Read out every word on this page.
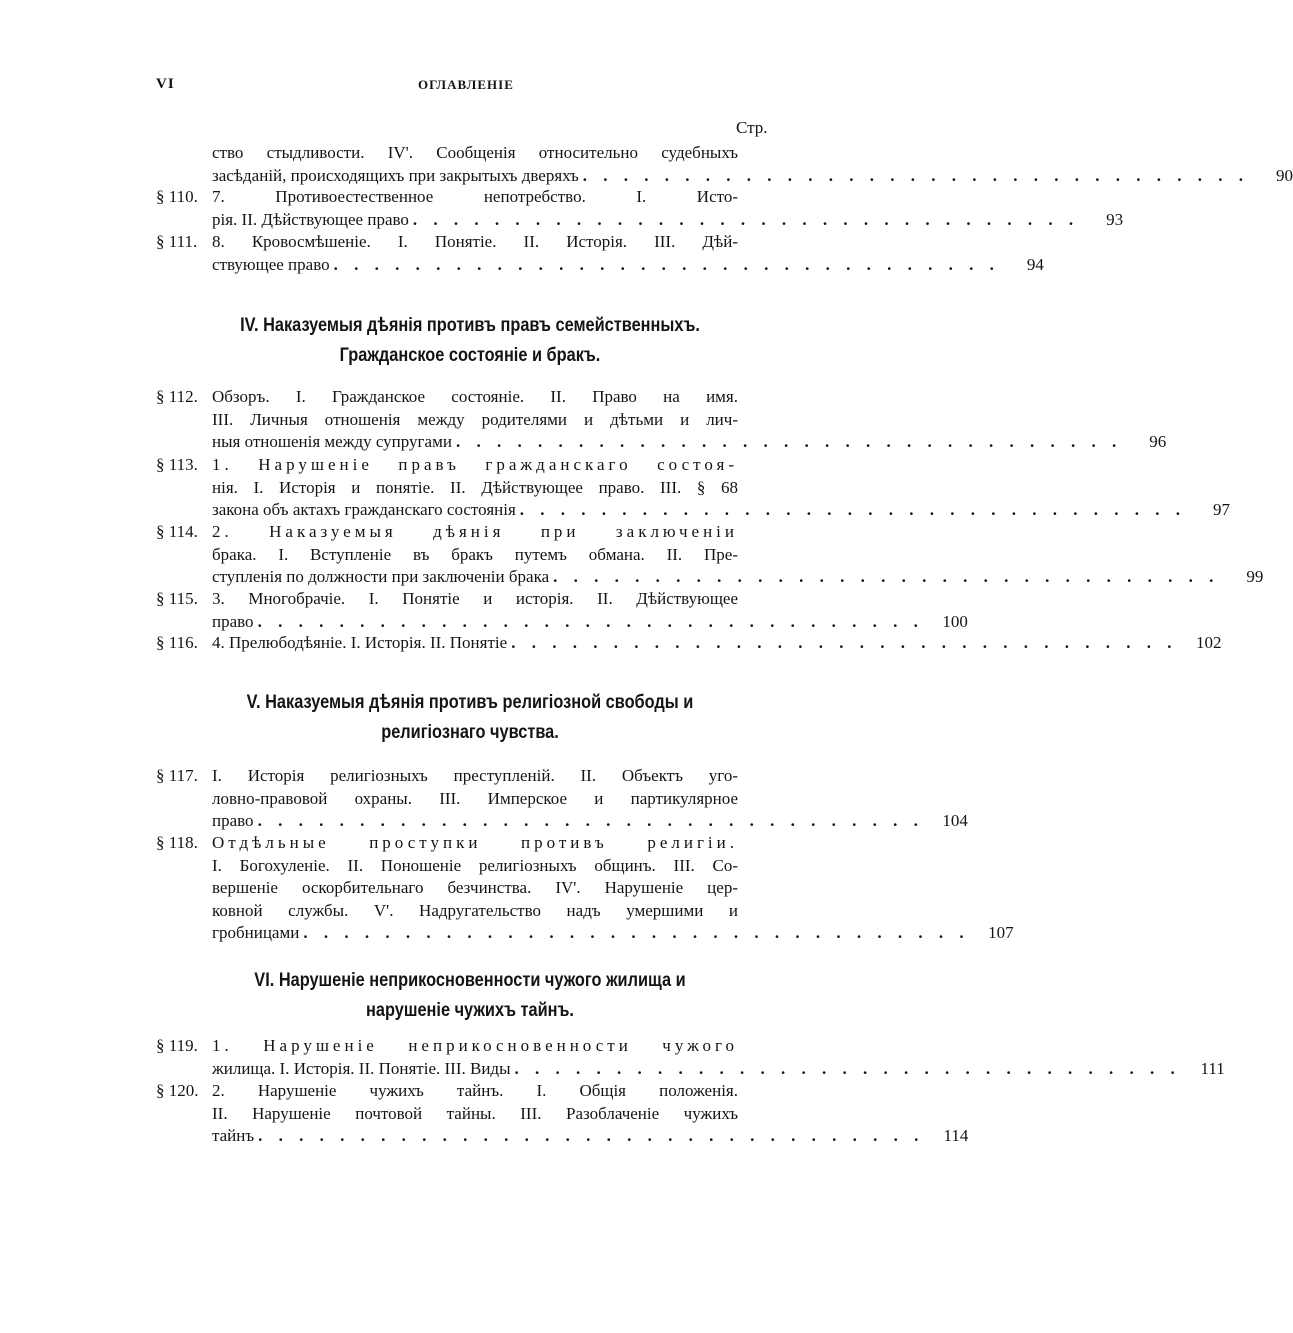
VI	ОГЛАВЛЕНІЕ
Стр.
ство стыдливости. IV'. Сообщенія относительно судебныхъ
засѣданій, происходящихъ при закрытыхъ дверяхъ . . . . . . . . . . . . . . . . . . . . . . . . . . . . . . . . .	90
§ 110. 7. Противоестественное непотребство. I. Исто-
рія. II. Дѣйствующее право . . . . . . . . . . . . . . . . . . . . . . . . . . . . . . . . .	93
§ 111. 8. Кровосмѣшеніе. I. Понятіе. II. Исторія. III. Дѣй-
ствующее право . . . . . . . . . . . . . . . . . . . . . . . . . . . . . . . . .	94
IV. Наказуемыя дѣянія противъ правъ семейственныхъ.
Гражданское состояніе и бракъ.
§ 112. Обзоръ. I. Гражданское состояніе. II. Право на имя.
III. Личныя отношенія между родителями и дѣтьми и лич-
ныя отношенія между супругами . . . . . . . . . . . . . . . . . . . . . . . . . . . . . . . . .	96
§ 113. 1. Нарушеніе правъ гражданскаго состоя-
нія. I. Исторія и понятіе. II. Дѣйствующее право. III. § 68
закона объ актахъ гражданскаго состоянія . . . . . . . . . . . . . . . . . . . . . . . . . . . . . . . . .	97
§ 114. 2. Наказуемыя дѣянія при заключеніи
брака. I. Вступленіе въ бракъ путемъ обмана. II. Пре-
ступленія по должности при заключеніи брака . . . . . . . . . . . . . . . . . . . . . . . . . . . . . . . . .	99
§ 115. 3. Многобрачіе. I. Понятіе и исторія. II. Дѣйствующее
право . . . . . . . . . . . . . . . . . . . . . . . . . . . . . . . . .	100
§ 116. 4. Прелюбодѣяніе. I. Исторія. II. Понятіе . . . . . . . . . . . . . . . . . . . . . . . . . . . . . . . . .	102
V. Наказуемыя дѣянія противъ религіозной свободы и
религіознаго чувства.
§ 117. I. Исторія религіозныхъ преступленій. II. Объектъ уго-
ловно-правовой охраны. III. Имперское и партикулярное
право . . . . . . . . . . . . . . . . . . . . . . . . . . . . . . . . .	104
§ 118. Отдѣльные проступки противъ религіи.
I. Богохуленіе. II. Поношеніе религіозныхъ общинъ. III. Со-
вершеніе оскорбительнаго безчинства. IV'. Нарушеніе цер-
ковной службы. V'. Надругательство надъ умершими и
гробницами . . . . . . . . . . . . . . . . . . . . . . . . . . . . . . . . .	107
VI. Нарушеніе неприкосновенности чужого жилища и
нарушеніе чужихъ тайнъ.
§ 119. 1. Нарушеніе неприкосновенности чужого
жилища. I. Исторія. II. Понятіе. III. Виды . . . . . . . . . . . . . . . . . . . . . . . . . . . . . . . . .	111
§ 120. 2. Нарушеніе чужихъ тайнъ. I. Общія положенія.
II. Нарушеніе почтовой тайны. III. Разоблаченіе чужихъ
тайнъ . . . . . . . . . . . . . . . . . . . . . . . . . . . . . . . . .	114
